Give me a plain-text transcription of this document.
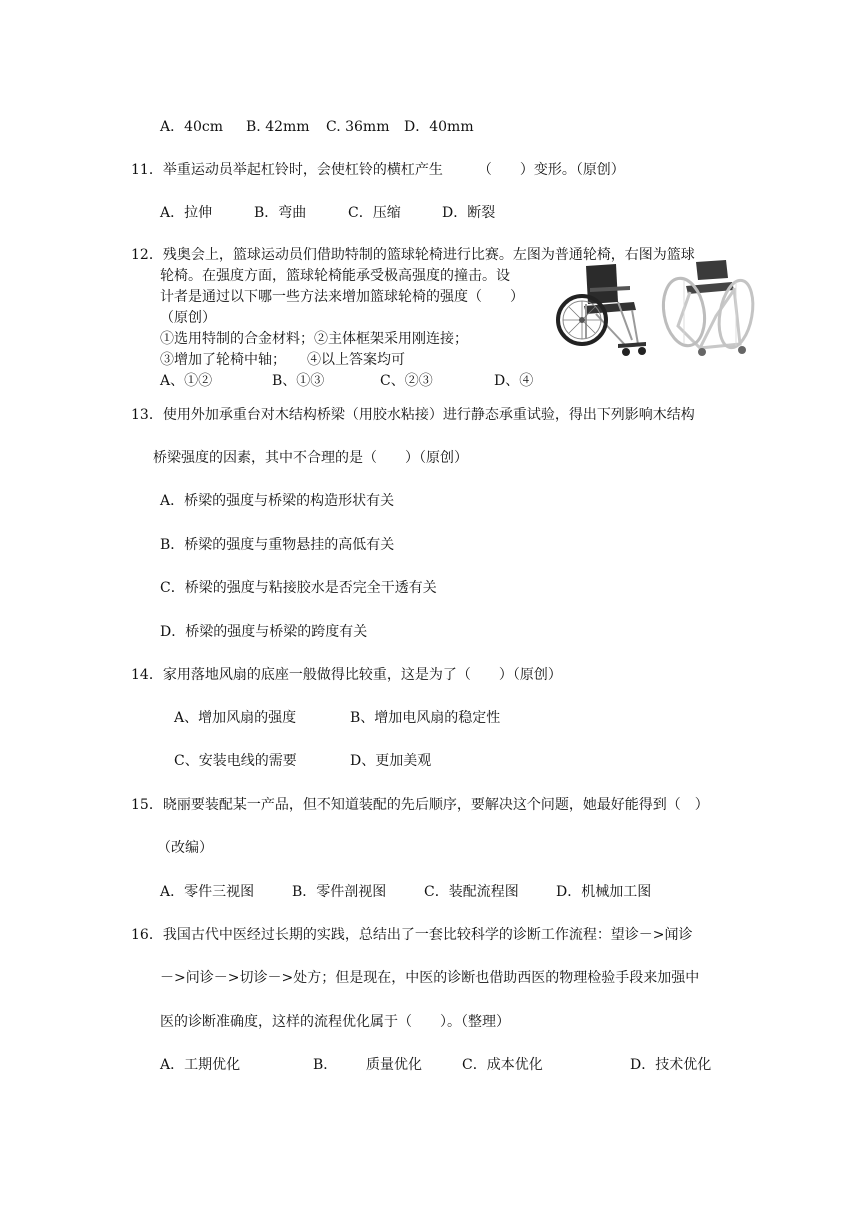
A．40cm B. 42mm C. 36mm D．40mm
11．举重运动员举起杠铃时，会使杠铃的横杠产生　　　（　　）变形。（原创）
A．拉伸	B．弯曲	C．压缩	D．断裂
12．残奥会上，篮球运动员们借助特制的篮球轮椅进行比赛。左图为普通轮椅，右图为篮球
轮椅。在强度方面，篮球轮椅能承受极高强度的撞击。设
计者是通过以下哪一些方法来增加篮球轮椅的强度（　　）
（原创）
①选用特制的合金材料；②主体框架采用刚连接；
③增加了轮椅中轴；　　④以上答案均可
A、①②	B、①③	C、②③	D、④
13．使用外加承重台对木结构桥梁（用胶水粘接）进行静态承重试验，得出下列影响木结构
桥梁强度的因素，其中不合理的是（　　）（原创）
A．桥梁的强度与桥梁的构造形状有关
B．桥梁的强度与重物悬挂的高低有关
C．桥梁的强度与粘接胶水是否完全干透有关
D．桥梁的强度与桥梁的跨度有关
14．家用落地风扇的底座一般做得比较重，这是为了（　　）（原创）
A、增加风扇的强度	B、增加电风扇的稳定性
C、安装电线的需要	D、更加美观
15．晓丽要装配某一产品，但不知道装配的先后顺序，要解决这个问题，她最好能得到（　）
（改编）
A．零件三视图	B．零件剖视图	C．装配流程图	D．机械加工图
16．我国古代中医经过长期的实践，总结出了一套比较科学的诊断工作流程：望诊－>闻诊
－>问诊－>切诊－>处方；但是现在，中医的诊断也借助西医的物理检验手段来加强中
医的诊断准确度，这样的流程优化属于（　　）。（整理）
A．工期优化	B． 质量优化	C．成本优化	D．技术优化
